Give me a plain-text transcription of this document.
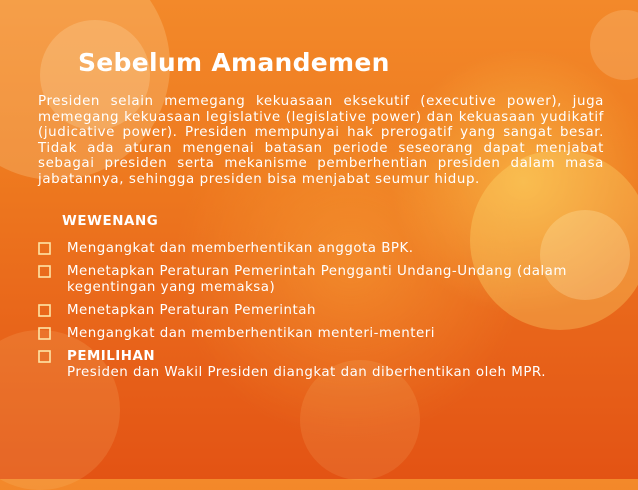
Sebelum Amandemen
Presiden selain memegang kekuasaan eksekutif (executive power), juga memegang kekuasaan legislative (legislative power) dan kekuasaan yudikatif (judicative power). Presiden mempunyai hak prerogatif yang sangat besar. Tidak ada aturan mengenai batasan periode seseorang dapat menjabat sebagai presiden serta mekanisme pemberhentian presiden dalam masa jabatannya, sehingga presiden bisa menjabat seumur hidup.
WEWENANG
Mengangkat dan memberhentikan anggota BPK.
Menetapkan Peraturan Pemerintah Pengganti Undang-Undang (dalam kegentingan yang memaksa)
Menetapkan Peraturan Pemerintah
Mengangkat dan memberhentikan menteri-menteri
PEMILIHAN
Presiden dan Wakil Presiden diangkat dan diberhentikan oleh MPR.
